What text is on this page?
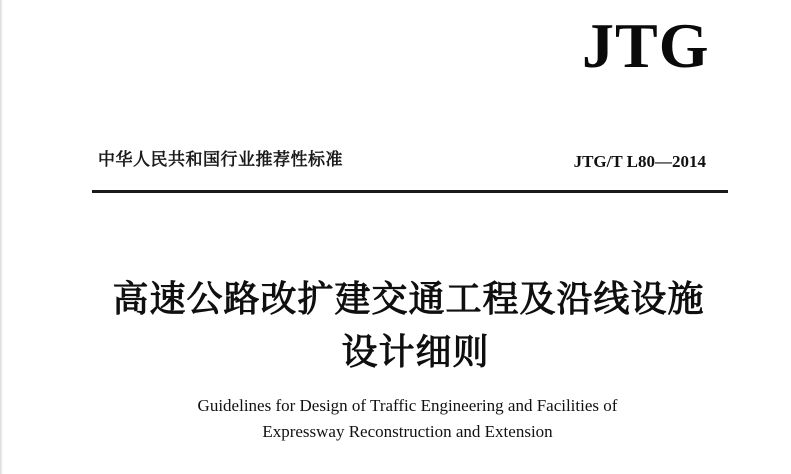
JTG
中华人民共和国行业推荐性标准	JTG/T L80—2014
高速公路改扩建交通工程及沿线设施
设计细则
Guidelines for Design of Traffic Engineering and Facilities of
Expressway Reconstruction and Extension
